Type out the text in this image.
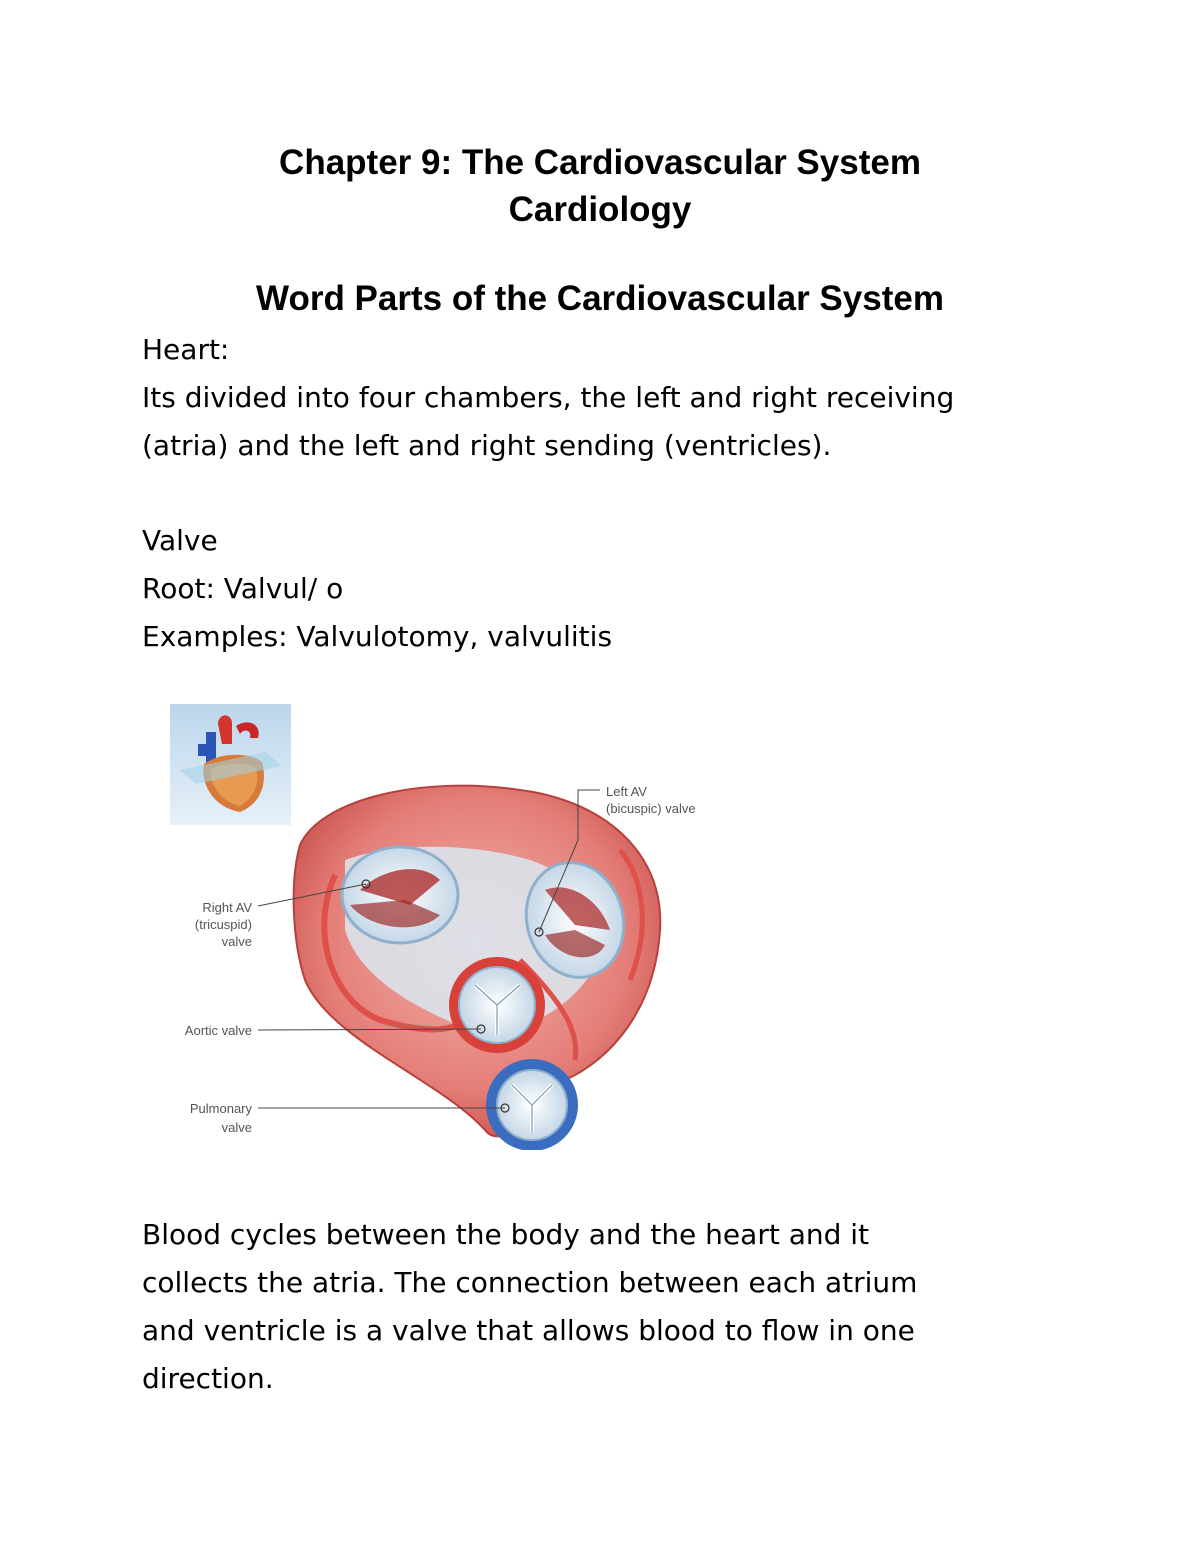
Chapter 9: The Cardiovascular System
Cardiology
Word Parts of the Cardiovascular System

Heart:

Its divided into four chambers, the left and right receiving

(atria) and the left and right sending (ventricles).

Valve

Root: Valvul/ o

Examples: Valvulotomy, valvulitis

Left AV
(bicuspic) valve
Right AV
(tricuspid)
valve
Aortic valve
Pulmonary
valve

Blood cycles between the body and the heart and it

collects the atria. The connection between each atrium

and ventricle is a valve that allows blood to flow in one

direction.
